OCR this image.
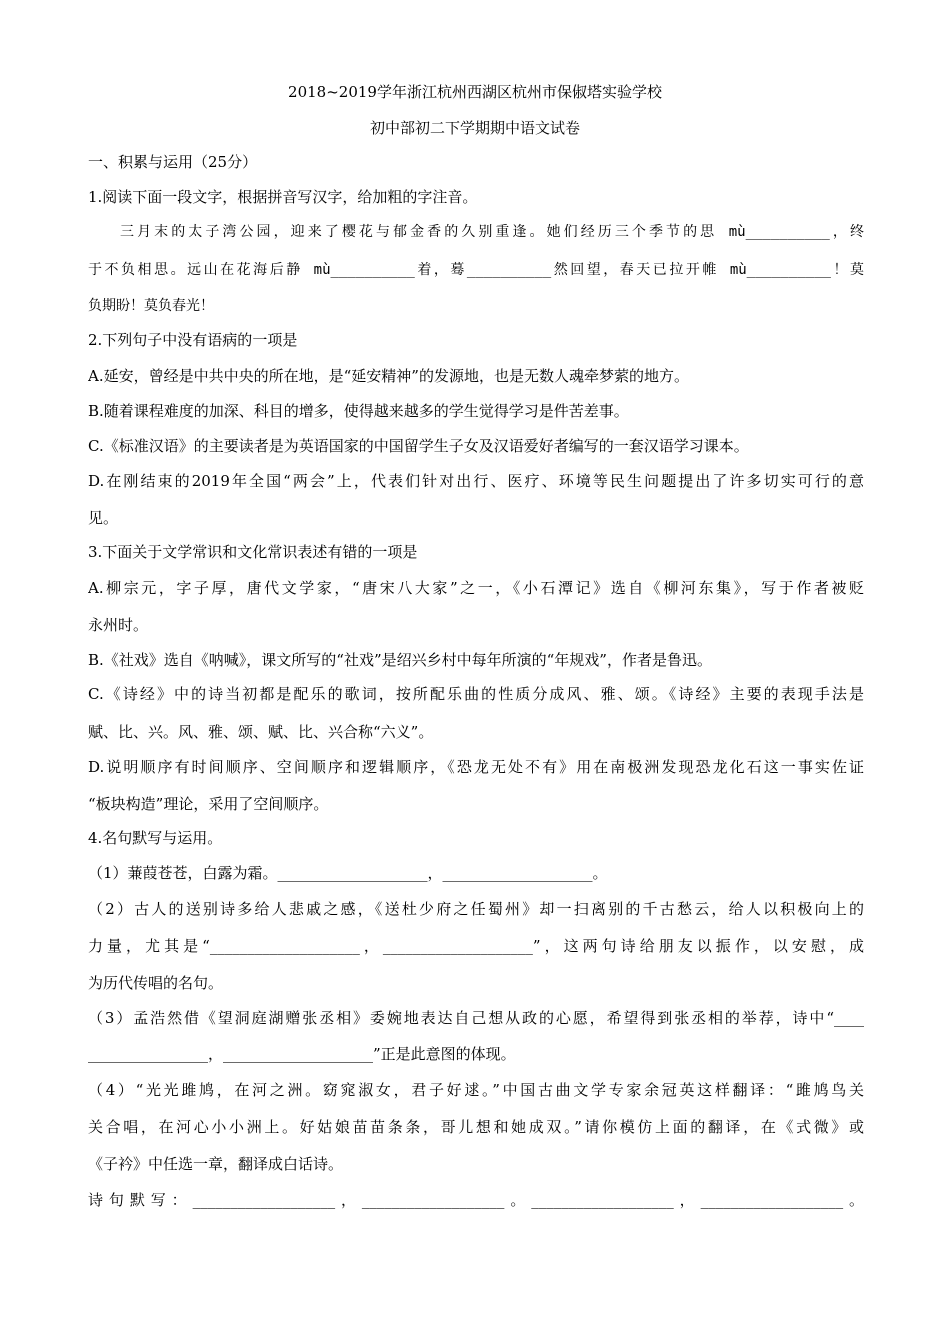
2018~2019学年浙江杭州西湖区杭州市保俶塔实验学校
初中部初二下学期期中语文试卷
一、积累与运用（25分）
1.阅读下面一段文字，根据拼音写汉字，给加粗的字注音。
三月末的太子湾公园，迎来了樱花与郁金香的久别重逢。她们经历三个季节的思 mù__________，终
于不负相思。远山在花海后静 mù__________着，蓦__________然回望，春天已拉开帷 mù__________！莫
负期盼！莫负春光！
2.下列句子中没有语病的一项是
A.延安，曾经是中共中央的所在地，是“延安精神”的发源地，也是无数人魂牵梦萦的地方。
B.随着课程难度的加深、科目的增多，使得越来越多的学生觉得学习是件苦差事。
C.《标准汉语》的主要读者是为英语国家的中国留学生子女及汉语爱好者编写的一套汉语学习课本。
D.在刚结束的2019年全国“两会”上，代表们针对出行、医疗、环境等民生问题提出了许多切实可行的意
见。
3.下面关于文学常识和文化常识表述有错的一项是
A.柳宗元，字子厚，唐代文学家，“唐宋八大家”之一，《小石潭记》选自《柳河东集》，写于作者被贬
永州时。
B.《社戏》选自《呐喊》，课文所写的“社戏”是绍兴乡村中每年所演的“年规戏”，作者是鲁迅。
C.《诗经》中的诗当初都是配乐的歌词，按所配乐曲的性质分成风、雅、颂。《诗经》主要的表现手法是
赋、比、兴。风、雅、颂、赋、比、兴合称“六义”。
D.说明顺序有时间顺序、空间顺序和逻辑顺序，《恐龙无处不有》用在南极洲发现恐龙化石这一事实佐证
“板块构造”理论，采用了空间顺序。
4.名句默写与运用。
（1）蒹葭苍苍，白露为霜。____________________，____________________。
（2）古人的送别诗多给人悲戚之感，《送杜少府之任蜀州》却一扫离别的千古愁云，给人以积极向上的
力量，尤其是“____________________，____________________”，这两句诗给朋友以振作，以安慰，成
为历代传唱的名句。
（3）孟浩然借《望洞庭湖赠张丞相》委婉地表达自己想从政的心愿，希望得到张丞相的举荐，诗中“____
________________，____________________”正是此意图的体现。
（4）“光光雎鸠，在河之洲。窈窕淑女，君子好逑。”中国古曲文学专家余冠英这样翻译：“雎鸠鸟关
关合唱，在河心小小洲上。好姑娘苗苗条条，哥儿想和她成双。”请你模仿上面的翻译，在《式微》或
《子衿》中任选一章，翻译成白话诗。
诗句默写：___________________，___________________。___________________，___________________。
